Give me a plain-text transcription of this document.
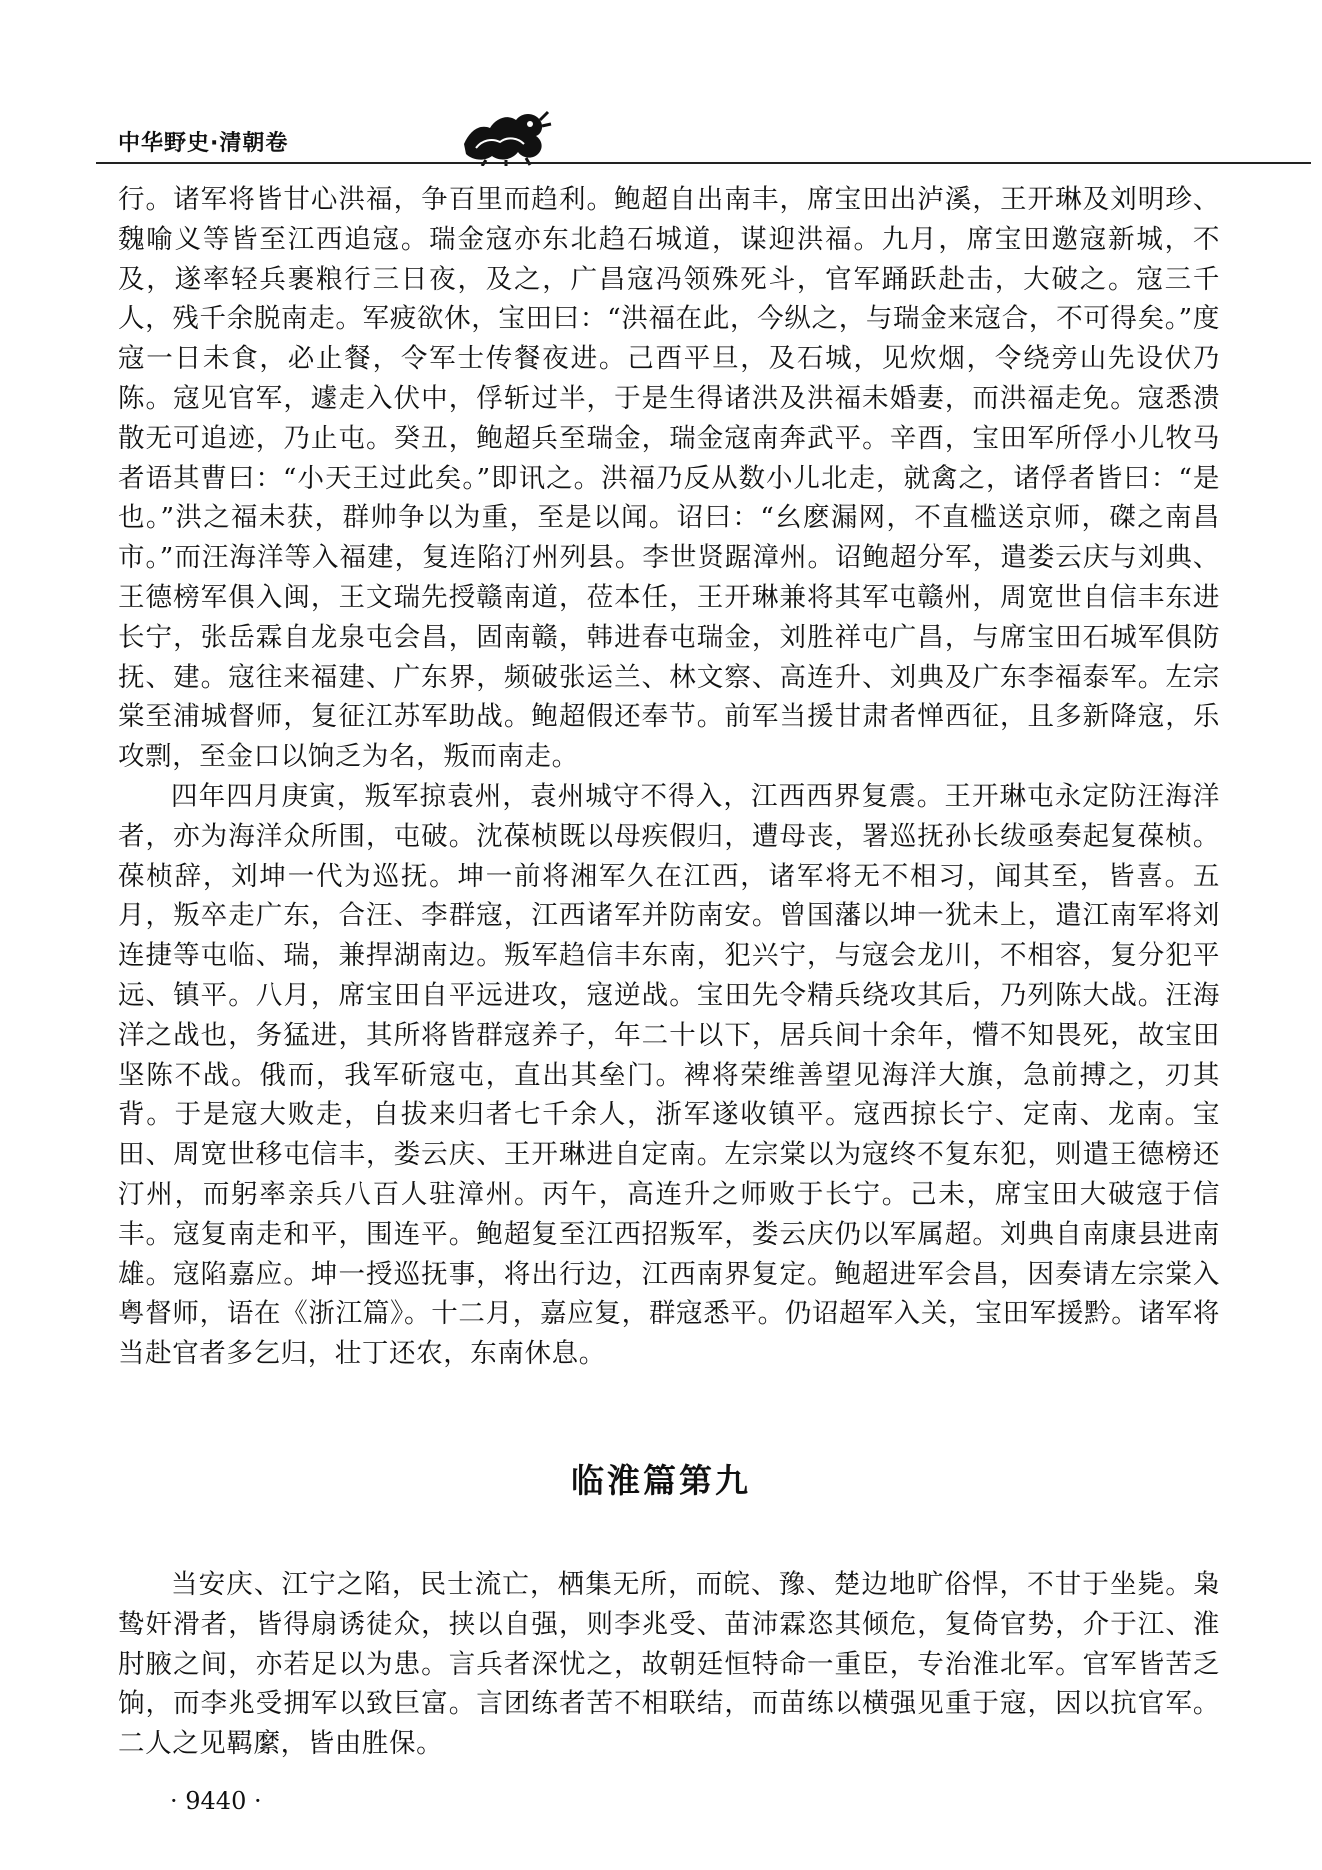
中华野史·清朝卷

行。诸军将皆甘心洪福，争百里而趋利。鲍超自出南丰，席宝田出泸溪，王开琳及刘明珍、魏喻义等皆至江西追寇。瑞金寇亦东北趋石城道，谋迎洪福。九月，席宝田邀寇新城，不及，遂率轻兵裹粮行三日夜，及之，广昌寇冯领殊死斗，官军踊跃赴击，大破之。寇三千人，残千余脱南走。军疲欲休，宝田曰：“洪福在此，今纵之，与瑞金来寇合，不可得矣。”度寇一日未食，必止餐，令军士传餐夜进。己酉平旦，及石城，见炊烟，令绕旁山先设伏乃陈。寇见官军，遽走入伏中，俘斩过半，于是生得诸洪及洪福未婚妻，而洪福走免。寇悉溃散无可追迹，乃止屯。癸丑，鲍超兵至瑞金，瑞金寇南奔武平。辛酉，宝田军所俘小儿牧马者语其曹曰：“小天王过此矣。”即讯之。洪福乃反从数小儿北走，就禽之，诸俘者皆曰：“是也。”洪之福未获，群帅争以为重，至是以闻。诏曰：“幺麽漏网，不直槛送京师，磔之南昌市。”而汪海洋等入福建，复连陷汀州列县。李世贤踞漳州。诏鲍超分军，遣娄云庆与刘典、王德榜军俱入闽，王文瑞先授赣南道，莅本任，王开琳兼将其军屯赣州，周宽世自信丰东进长宁，张岳霖自龙泉屯会昌，固南赣，韩进春屯瑞金，刘胜祥屯广昌，与席宝田石城军俱防抚、建。寇往来福建、广东界，频破张运兰、林文察、高连升、刘典及广东李福泰军。左宗棠至浦城督师，复征江苏军助战。鲍超假还奉节。前军当援甘肃者惮西征，且多新降寇，乐攻剽，至金口以饷乏为名，叛而南走。

四年四月庚寅，叛军掠袁州，袁州城守不得入，江西西界复震。王开琳屯永定防汪海洋者，亦为海洋众所围，屯破。沈葆桢既以母疾假归，遭母丧，署巡抚孙长绂亟奏起复葆桢。葆桢辞，刘坤一代为巡抚。坤一前将湘军久在江西，诸军将无不相习，闻其至，皆喜。五月，叛卒走广东，合汪、李群寇，江西诸军并防南安。曾国藩以坤一犹未上，遣江南军将刘连捷等屯临、瑞，兼捍湖南边。叛军趋信丰东南，犯兴宁，与寇会龙川，不相容，复分犯平远、镇平。八月，席宝田自平远进攻，寇逆战。宝田先令精兵绕攻其后，乃列陈大战。汪海洋之战也，务猛进，其所将皆群寇养子，年二十以下，居兵间十余年，懵不知畏死，故宝田坚陈不战。俄而，我军斫寇屯，直出其垒门。裨将荣维善望见海洋大旗，急前搏之，刃其背。于是寇大败走，自拔来归者七千余人，浙军遂收镇平。寇西掠长宁、定南、龙南。宝田、周宽世移屯信丰，娄云庆、王开琳进自定南。左宗棠以为寇终不复东犯，则遣王德榜还汀州，而躬率亲兵八百人驻漳州。丙午，高连升之师败于长宁。己未，席宝田大破寇于信丰。寇复南走和平，围连平。鲍超复至江西招叛军，娄云庆仍以军属超。刘典自南康县进南雄。寇陷嘉应。坤一授巡抚事，将出行边，江西南界复定。鲍超进军会昌，因奏请左宗棠入粤督师，语在《浙江篇》。十二月，嘉应复，群寇悉平。仍诏超军入关，宝田军援黔。诸军将当赴官者多乞归，壮丁还农，东南休息。

临淮篇第九

当安庆、江宁之陷，民士流亡，栖集无所，而皖、豫、楚边地旷俗悍，不甘于坐毙。枭鸷奸滑者，皆得扇诱徒众，挟以自强，则李兆受、苗沛霖恣其倾危，复倚官势，介于江、淮肘腋之间，亦若足以为患。言兵者深忧之，故朝廷恒特命一重臣，专治淮北军。官军皆苦乏饷，而李兆受拥军以致巨富。言团练者苦不相联结，而苗练以横强见重于寇，因以抗官军。二人之见羁縻，皆由胜保。

· 9440 ·
